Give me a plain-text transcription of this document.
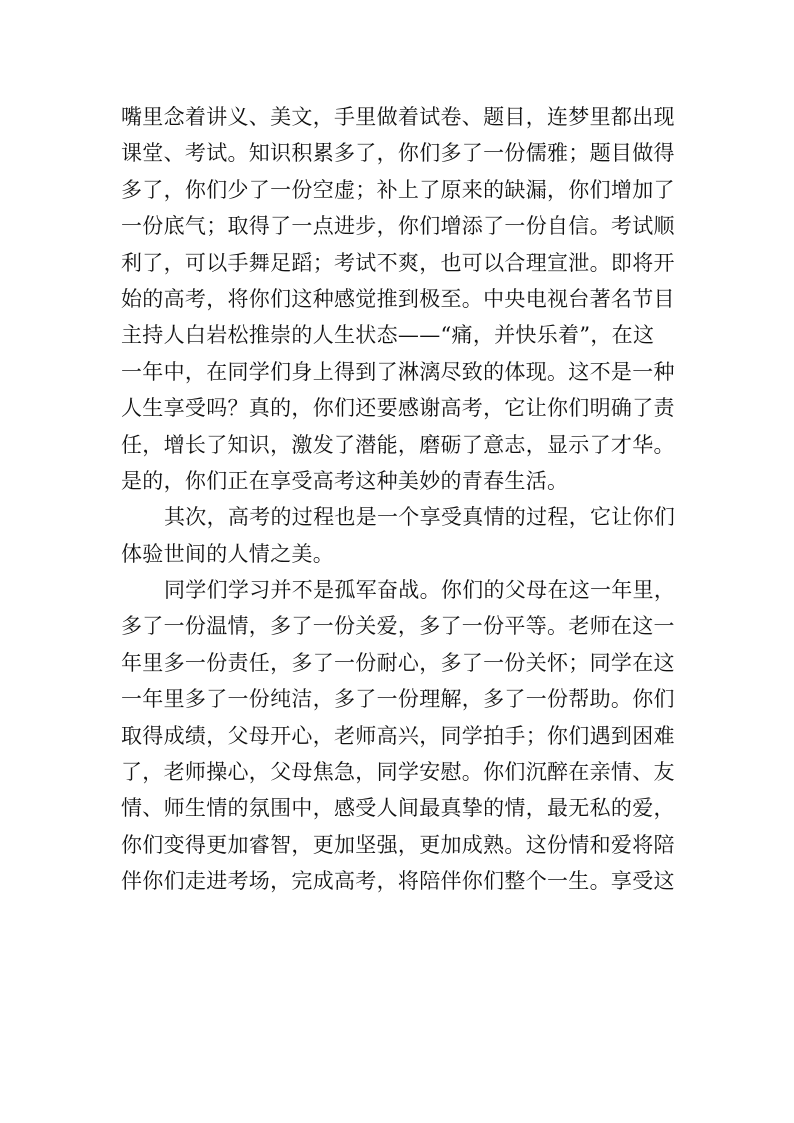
嘴里念着讲义、美文，手里做着试卷、题目，连梦里都出现
课堂、考试。知识积累多了，你们多了一份儒雅；题目做得
多了，你们少了一份空虚；补上了原来的缺漏，你们增加了
一份底气；取得了一点进步，你们增添了一份自信。考试顺
利了，可以手舞足蹈；考试不爽，也可以合理宣泄。即将开
始的高考，将你们这种感觉推到极至。中央电视台著名节目
主持人白岩松推崇的人生状态——“痛，并快乐着”，在这
一年中，在同学们身上得到了淋漓尽致的体现。这不是一种
人生享受吗？真的，你们还要感谢高考，它让你们明确了责
任，增长了知识，激发了潜能，磨砺了意志，显示了才华。
是的，你们正在享受高考这种美妙的青春生活。
其次，高考的过程也是一个享受真情的过程，它让你们
体验世间的人情之美。
同学们学习并不是孤军奋战。你们的父母在这一年里，
多了一份温情，多了一份关爱，多了一份平等。老师在这一
年里多一份责任，多了一份耐心，多了一份关怀；同学在这
一年里多了一份纯洁，多了一份理解，多了一份帮助。你们
取得成绩，父母开心，老师高兴，同学拍手；你们遇到困难
了，老师操心，父母焦急，同学安慰。你们沉醉在亲情、友
情、师生情的氛围中，感受人间最真挚的情，最无私的爱，
你们变得更加睿智，更加坚强，更加成熟。这份情和爱将陪
伴你们走进考场，完成高考，将陪伴你们整个一生。享受这
